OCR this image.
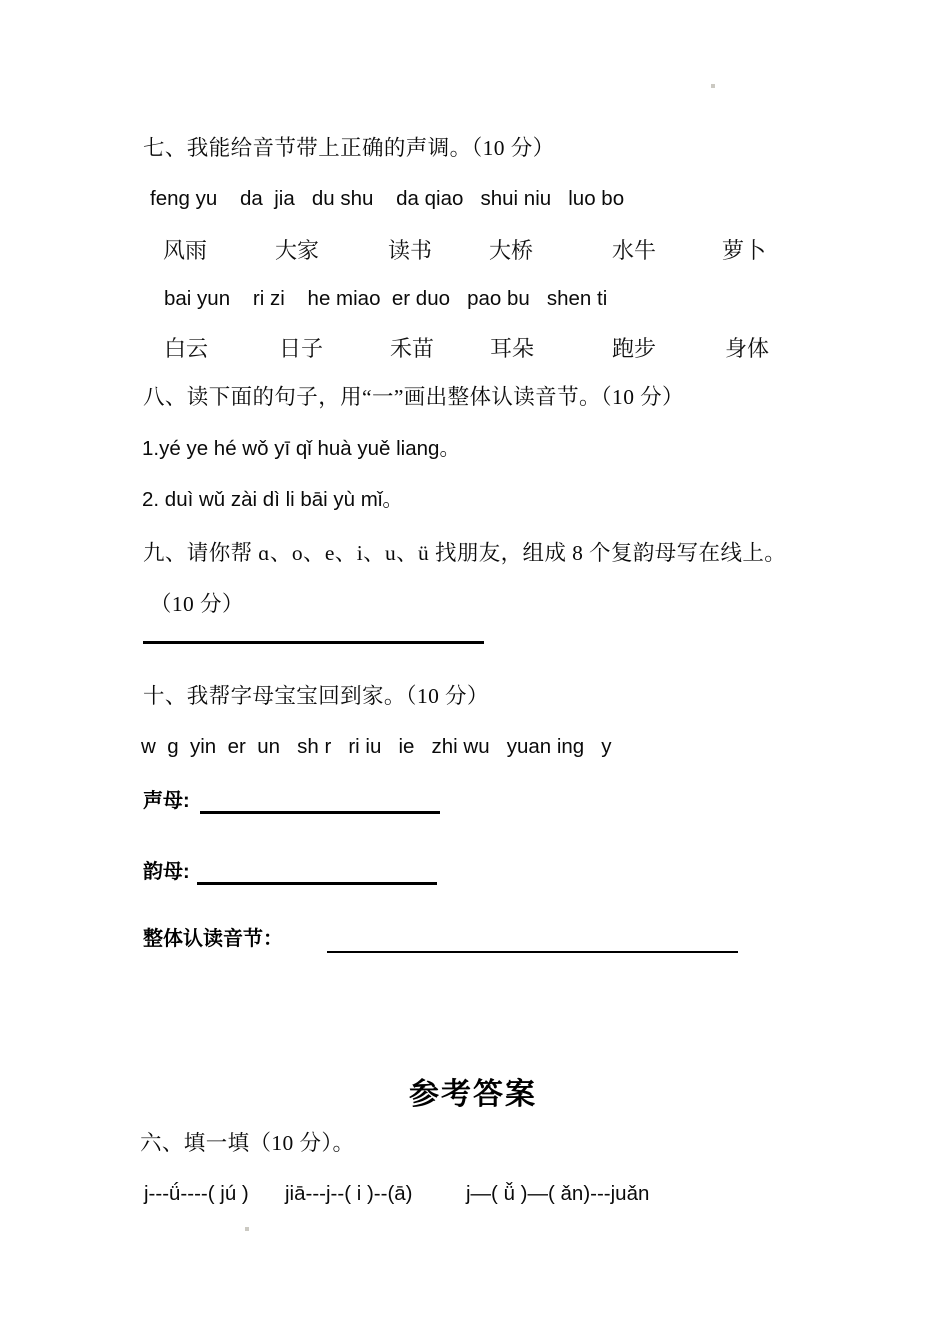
七、我能给音节带上正确的声调。（10 分）
feng yu    da  jia   du shu    da qiao   shui niu   luo bo
风雨	大家	读书	大桥	水牛	萝卜
bai yun    ri zi    he miao  er duo   pao bu   shen ti
白云	日子	禾苗	耳朵	跑步	身体
八、读下面的句子，用“一”画出整体认读音节。（10 分）
1.yé ye hé wǒ yī qǐ huà yuě liang。
2. duì wǔ zài dì li bāi yù mǐ。
九、请你帮 ɑ、o、e、i、u、ü 找朋友，组成 8 个复韵母写在线上。
（10 分）
十、我帮字母宝宝回到家。（10 分）
w  g  yin  er  un   sh r   ri iu   ie   zhi wu   yuan ing   y
声母:
韵母:
整体认读音节：
参考答案
六、填一填（10 分）。
j---ǘ----( jú ) jiā---j--( i )--(ā)	j—( ǚ )—( ǎn)---juǎn
